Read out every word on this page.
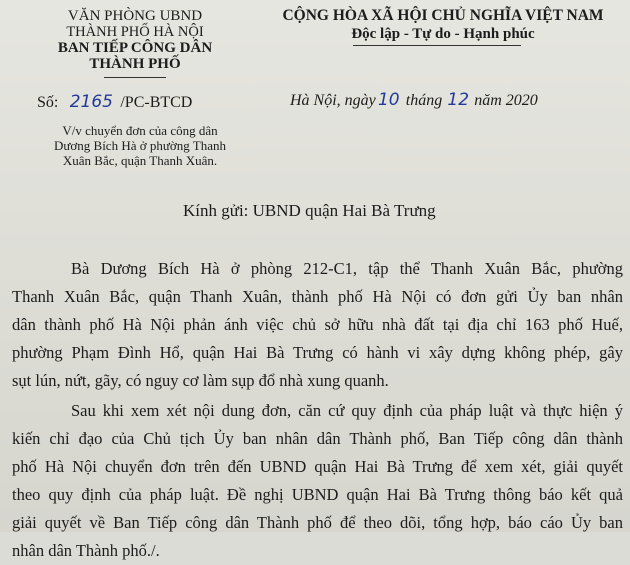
VĂN PHÒNG UBND
THÀNH PHỐ HÀ NỘI
BAN TIẾP CÔNG DÂN
THÀNH PHỐ
CỘNG HÒA XÃ HỘI CHỦ NGHĨA VIỆT NAM
Độc lập - Tự do - Hạnh phúc
Số: 2165 /PC-BTCD	Hà Nội, ngày 10 tháng 12 năm 2020
V/v chuyển đơn của công dân
Dương Bích Hà ở phường Thanh
Xuân Bắc, quận Thanh Xuân.
Kính gửi: UBND quận Hai Bà Trưng
Bà Dương Bích Hà ở phòng 212-C1, tập thể Thanh Xuân Bắc, phường
Thanh Xuân Bắc, quận Thanh Xuân, thành phố Hà Nội có đơn gửi Ủy ban nhân
dân thành phố Hà Nội phản ánh việc chủ sở hữu nhà đất tại địa chỉ 163 phố Huế,
phường Phạm Đình Hổ, quận Hai Bà Trưng có hành vi xây dựng không phép, gây
sụt lún, nứt, gãy, có nguy cơ làm sụp đổ nhà xung quanh.
Sau khi xem xét nội dung đơn, căn cứ quy định của pháp luật và thực hiện ý
kiến chỉ đạo của Chủ tịch Ủy ban nhân dân Thành phố, Ban Tiếp công dân thành
phố Hà Nội chuyển đơn trên đến UBND quận Hai Bà Trưng để xem xét, giải quyết
theo quy định của pháp luật. Đề nghị UBND quận Hai Bà Trưng thông báo kết quả
giải quyết về Ban Tiếp công dân Thành phố để theo dõi, tổng hợp, báo cáo Ủy ban
nhân dân Thành phố./.
